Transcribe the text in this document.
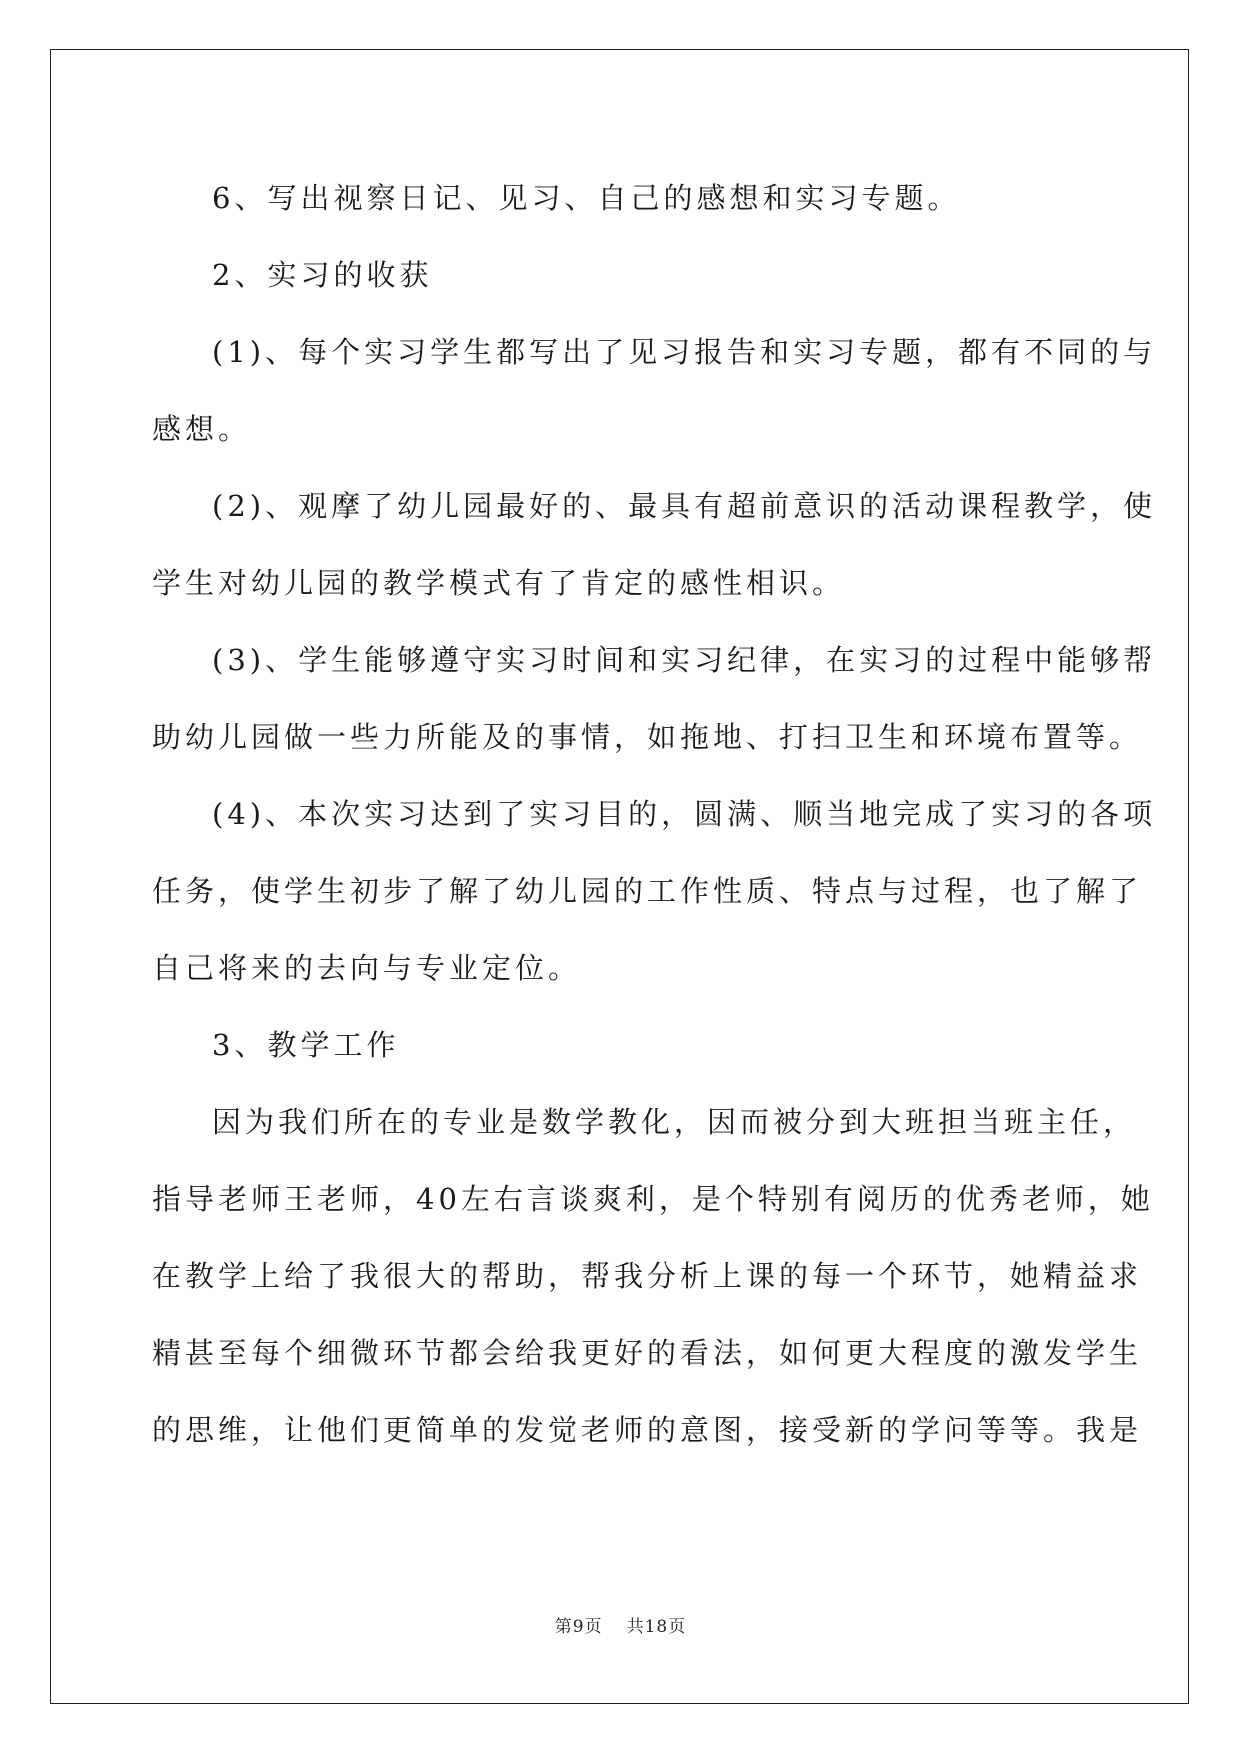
6、写出视察日记、见习、自己的感想和实习专题。
2、实习的收获
(1)、每个实习学生都写出了见习报告和实习专题，都有不同的与
感想。
(2)、观摩了幼儿园最好的、最具有超前意识的活动课程教学，使
学生对幼儿园的教学模式有了肯定的感性相识。
(3)、学生能够遵守实习时间和实习纪律，在实习的过程中能够帮
助幼儿园做一些力所能及的事情，如拖地、打扫卫生和环境布置等。
(4)、本次实习达到了实习目的，圆满、顺当地完成了实习的各项
任务，使学生初步了解了幼儿园的工作性质、特点与过程，也了解了
自己将来的去向与专业定位。
3、教学工作
因为我们所在的专业是数学教化，因而被分到大班担当班主任，
指导老师王老师，40左右言谈爽利，是个特别有阅历的优秀老师，她
在教学上给了我很大的帮助，帮我分析上课的每一个环节，她精益求
精甚至每个细微环节都会给我更好的看法，如何更大程度的激发学生
的思维，让他们更简单的发觉老师的意图，接受新的学问等等。我是
第9页 共18页
